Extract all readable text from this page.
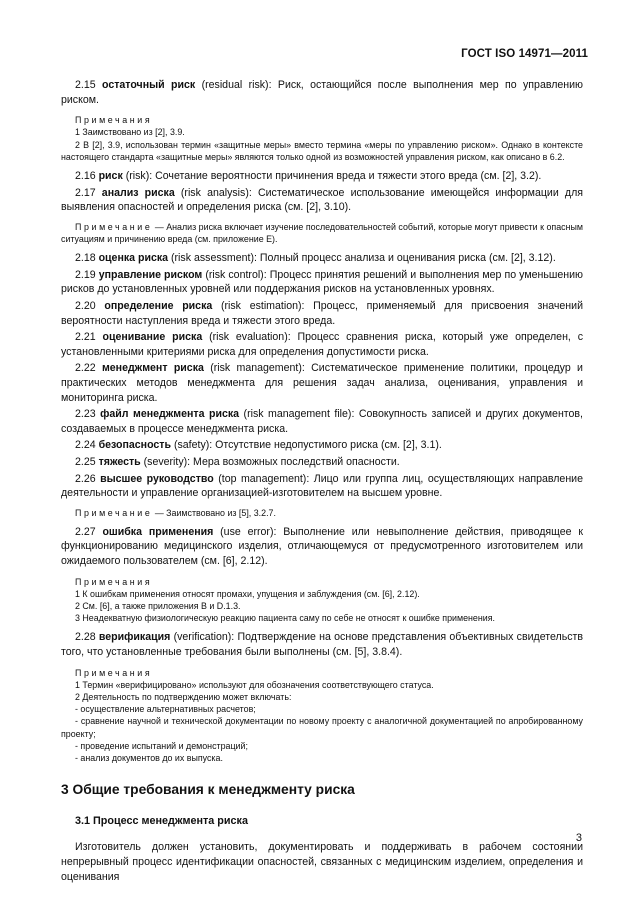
ГОСТ ISO 14971—2011

2.15 остаточный риск (residual risk): Риск, остающийся после выполнения мер по управлению риском.

Примечания

1 Заимствовано из [2], 3.9.

2 В [2], 3.9, использован термин «защитные меры» вместо термина «меры по управлению риском». Однако в контексте настоящего стандарта «защитные меры» являются только одной из возможностей управления риском, как описано в 6.2.

2.16 риск (risk): Сочетание вероятности причинения вреда и тяжести этого вреда (см. [2], 3.2).

2.17 анализ риска (risk analysis): Систематическое использование имеющейся информации для выявления опасностей и определения риска (см. [2], 3.10).

Примечание — Анализ риска включает изучение последовательностей событий, которые могут привести к опасным ситуациям и причинению вреда (см. приложение Е).

2.18 оценка риска (risk assessment): Полный процесс анализа и оценивания риска (см. [2], 3.12).

2.19 управление риском (risk control): Процесс принятия решений и выполнения мер по уменьшению рисков до установленных уровней или поддержания рисков на установленных уровнях.

2.20 определение риска (risk estimation): Процесс, применяемый для присвоения значений вероятности наступления вреда и тяжести этого вреда.

2.21 оценивание риска (risk evaluation): Процесс сравнения риска, который уже определен, с установленными критериями риска для определения допустимости риска.

2.22 менеджмент риска (risk management): Систематическое применение политики, процедур и практических методов менеджмента для решения задач анализа, оценивания, управления и мониторинга риска.

2.23 файл менеджмента риска (risk management file): Совокупность записей и других документов, создаваемых в процессе менеджмента риска.

2.24 безопасность (safety): Отсутствие недопустимого риска (см. [2], 3.1).

2.25 тяжесть (severity): Мера возможных последствий опасности.

2.26 высшее руководство (top management): Лицо или группа лиц, осуществляющих направление деятельности и управление организацией-изготовителем на высшем уровне.

Примечание — Заимствовано из [5], 3.2.7.

2.27 ошибка применения (use error): Выполнение или невыполнение действия, приводящее к функционированию медицинского изделия, отличающемуся от предусмотренного изготовителем или ожидаемого пользователем (см. [6], 2.12).

Примечания

1 К ошибкам применения относят промахи, упущения и заблуждения (см. [6], 2.12).

2 См. [6], а также приложения В и D.1.3.

3 Неадекватную физиологическую реакцию пациента саму по себе не относят к ошибке применения.

2.28 верификация (verification): Подтверждение на основе представления объективных свидетельств того, что установленные требования были выполнены (см. [5], 3.8.4).

Примечания

1 Термин «верифицировано» используют для обозначения соответствующего статуса.

2 Деятельность по подтверждению может включать:

- осуществление альтернативных расчетов;

- сравнение научной и технической документации по новому проекту с аналогичной документацией по апробированному проекту;

- проведение испытаний и демонстраций;

- анализ документов до их выпуска.

3 Общие требования к менеджменту риска
3.1 Процесс менеджмента риска

Изготовитель должен установить, документировать и поддерживать в рабочем состоянии непрерывный процесс идентификации опасностей, связанных с медицинским изделием, определения и оценивания

3
